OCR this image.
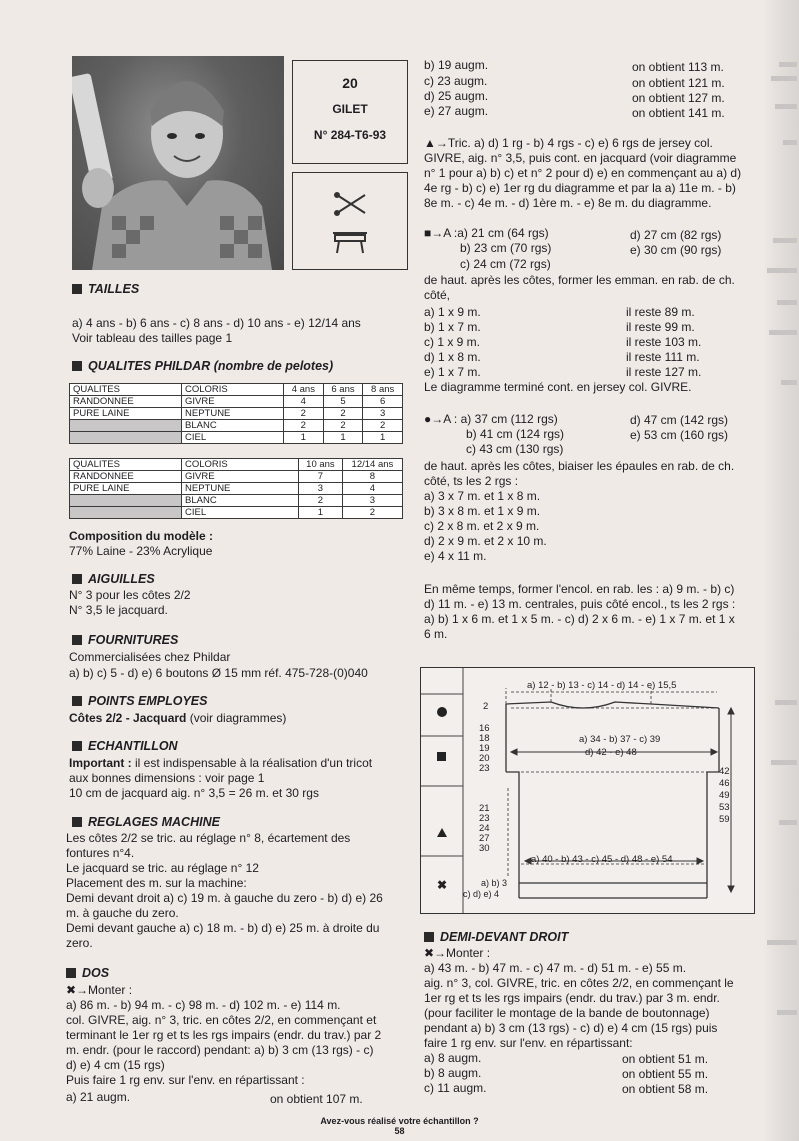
20
GILET
N° 284-T6-93
TAILLES
a) 4 ans - b) 6 ans - c) 8 ans - d) 10 ans - e) 12/14 ans
Voir tableau des tailles page 1
QUALITES PHILDAR (nombre de pelotes)
QUALITES	COLORIS	4 ans	6 ans	8 ans
RANDONNEE	GIVRE	4	5	6
PURE LAINE	NEPTUNE	2	2	3
	BLANC	2	2	2
	CIEL	1	1	1
QUALITES	COLORIS	10 ans	12/14 ans
RANDONNEE	GIVRE	7	8
PURE LAINE	NEPTUNE	3	4
	BLANC	2	3
	CIEL	1	2
Composition du modèle :
77% Laine - 23% Acrylique
AIGUILLES
N° 3 pour les côtes 2/2
N° 3,5 le jacquard.
FOURNITURES
Commercialisées chez Phildar
a) b) c) 5 - d) e) 6 boutons Ø 15 mm réf. 475-728-(0)040
POINTS EMPLOYES
Côtes 2/2 - Jacquard (voir diagrammes)
ECHANTILLON
Important : il est indispensable à la réalisation d'un tricot
aux bonnes dimensions : voir page 1
10 cm de jacquard aig. n° 3,5 = 26 m. et 30 rgs
REGLAGES MACHINE
Les côtes 2/2 se tric. au réglage n° 8, écartement des
fontures n°4.
Le jacquard se tric. au réglage n° 12
Placement des m. sur la machine:
Demi devant droit a) c) 19 m. à gauche du zero - b) d) e) 26
m. à gauche du zero.
Demi devant gauche a) c) 18 m. - b) d) e) 25 m. à droite du
zero.
DOS
✖→Monter :
a) 86 m. - b) 94 m. - c) 98 m. - d) 102 m. - e) 114 m.
col. GIVRE, aig. n° 3, tric. en côtes 2/2, en commençant et
terminant le 1er rg et ts les rgs impairs (endr. du trav.) par 2
m. endr. (pour le raccord) pendant: a) b) 3 cm (13 rgs) - c)
d) e) 4 cm (15 rgs)
Puis faire 1 rg env. sur l'env. en répartissant :
a) 21 augm.	on obtient 107 m.
b) 19 augm.	on obtient 113 m.
c) 23 augm.	on obtient 121 m.
d) 25 augm.	on obtient 127 m.
e) 27 augm.	on obtient 141 m.
▲→Tric. a) d) 1 rg - b) 4 rgs - c) e) 6 rgs de jersey col.
GIVRE, aig. n° 3,5, puis cont. en jacquard (voir diagramme
n° 1 pour a) b) c) et n° 2 pour d) e) en commençant au a) d)
4e rg - b) c) e) 1er rg du diagramme et par la a) 11e m. - b)
8e m. - c) 4e m. - d) 1ère m. - e) 8e m. du diagramme.
■→A :a) 21 cm (64 rgs)	d) 27 cm (82 rgs)
b) 23 cm (70 rgs)	e) 30 cm (90 rgs)
c) 24 cm (72 rgs)
de haut. après les côtes, former les emman. en rab. de ch.
côté,
a) 1 x 9 m.	il reste 89 m.
b) 1 x 7 m.	il reste 99 m.
c) 1 x 9 m.	il reste 103 m.
d) 1 x 8 m.	il reste 111 m.
e) 1 x 7 m.	il reste 127 m.
Le diagramme terminé cont. en jersey col. GIVRE.
●→A : a) 37 cm (112 rgs)	d) 47 cm (142 rgs)
b) 41 cm (124 rgs)	e) 53 cm (160 rgs)
c) 43 cm (130 rgs)
de haut. après les côtes, biaiser les épaules en rab. de ch.
côté, ts les 2 rgs :
a) 3 x 7 m. et 1 x 8 m.
b) 3 x 8 m. et 1 x 9 m.
c) 2 x 8 m. et 2 x 9 m.
d) 2 x 9 m. et 2 x 10 m.
e) 4 x 11 m.
En même temps, former l'encol. en rab. les : a) 9 m. - b) c)
d) 11 m. - e) 13 m. centrales, puis côté encol., ts les 2 rgs :
a) b) 1 x 6 m. et 1 x 5 m. - c) d) 2 x 6 m. - e) 1 x 7 m. et 1 x
6 m.
✖
a) 12 - b) 13 - c) 14 - d) 14 - e) 15,5
2
a) 34 - b) 37 - c) 39
d) 42 - e) 48
16
18
19
20
23
21
23
24
27
30
42
46
49
53
59
a) 40 - b) 43 - c) 45 - d) 48 - e) 54
a) b) 3
c) d) e) 4
DEMI-DEVANT DROIT
✖→Monter :
a) 43 m. - b) 47 m. - c) 47 m. - d) 51 m. - e) 55 m.
aig. n° 3, col. GIVRE, tric. en côtes 2/2, en commençant le
1er rg et ts les rgs impairs (endr. du trav.) par 3 m. endr.
(pour faciliter le montage de la bande de boutonnage)
pendant a) b) 3 cm (13 rgs) - c) d) e) 4 cm (15 rgs) puis
faire 1 rg env. sur l'env. en répartissant:
a) 8 augm.	on obtient 51 m.
b) 8 augm.	on obtient 55 m.
c) 11 augm.	on obtient 58 m.
Avez-vous réalisé votre échantillon ?
58
